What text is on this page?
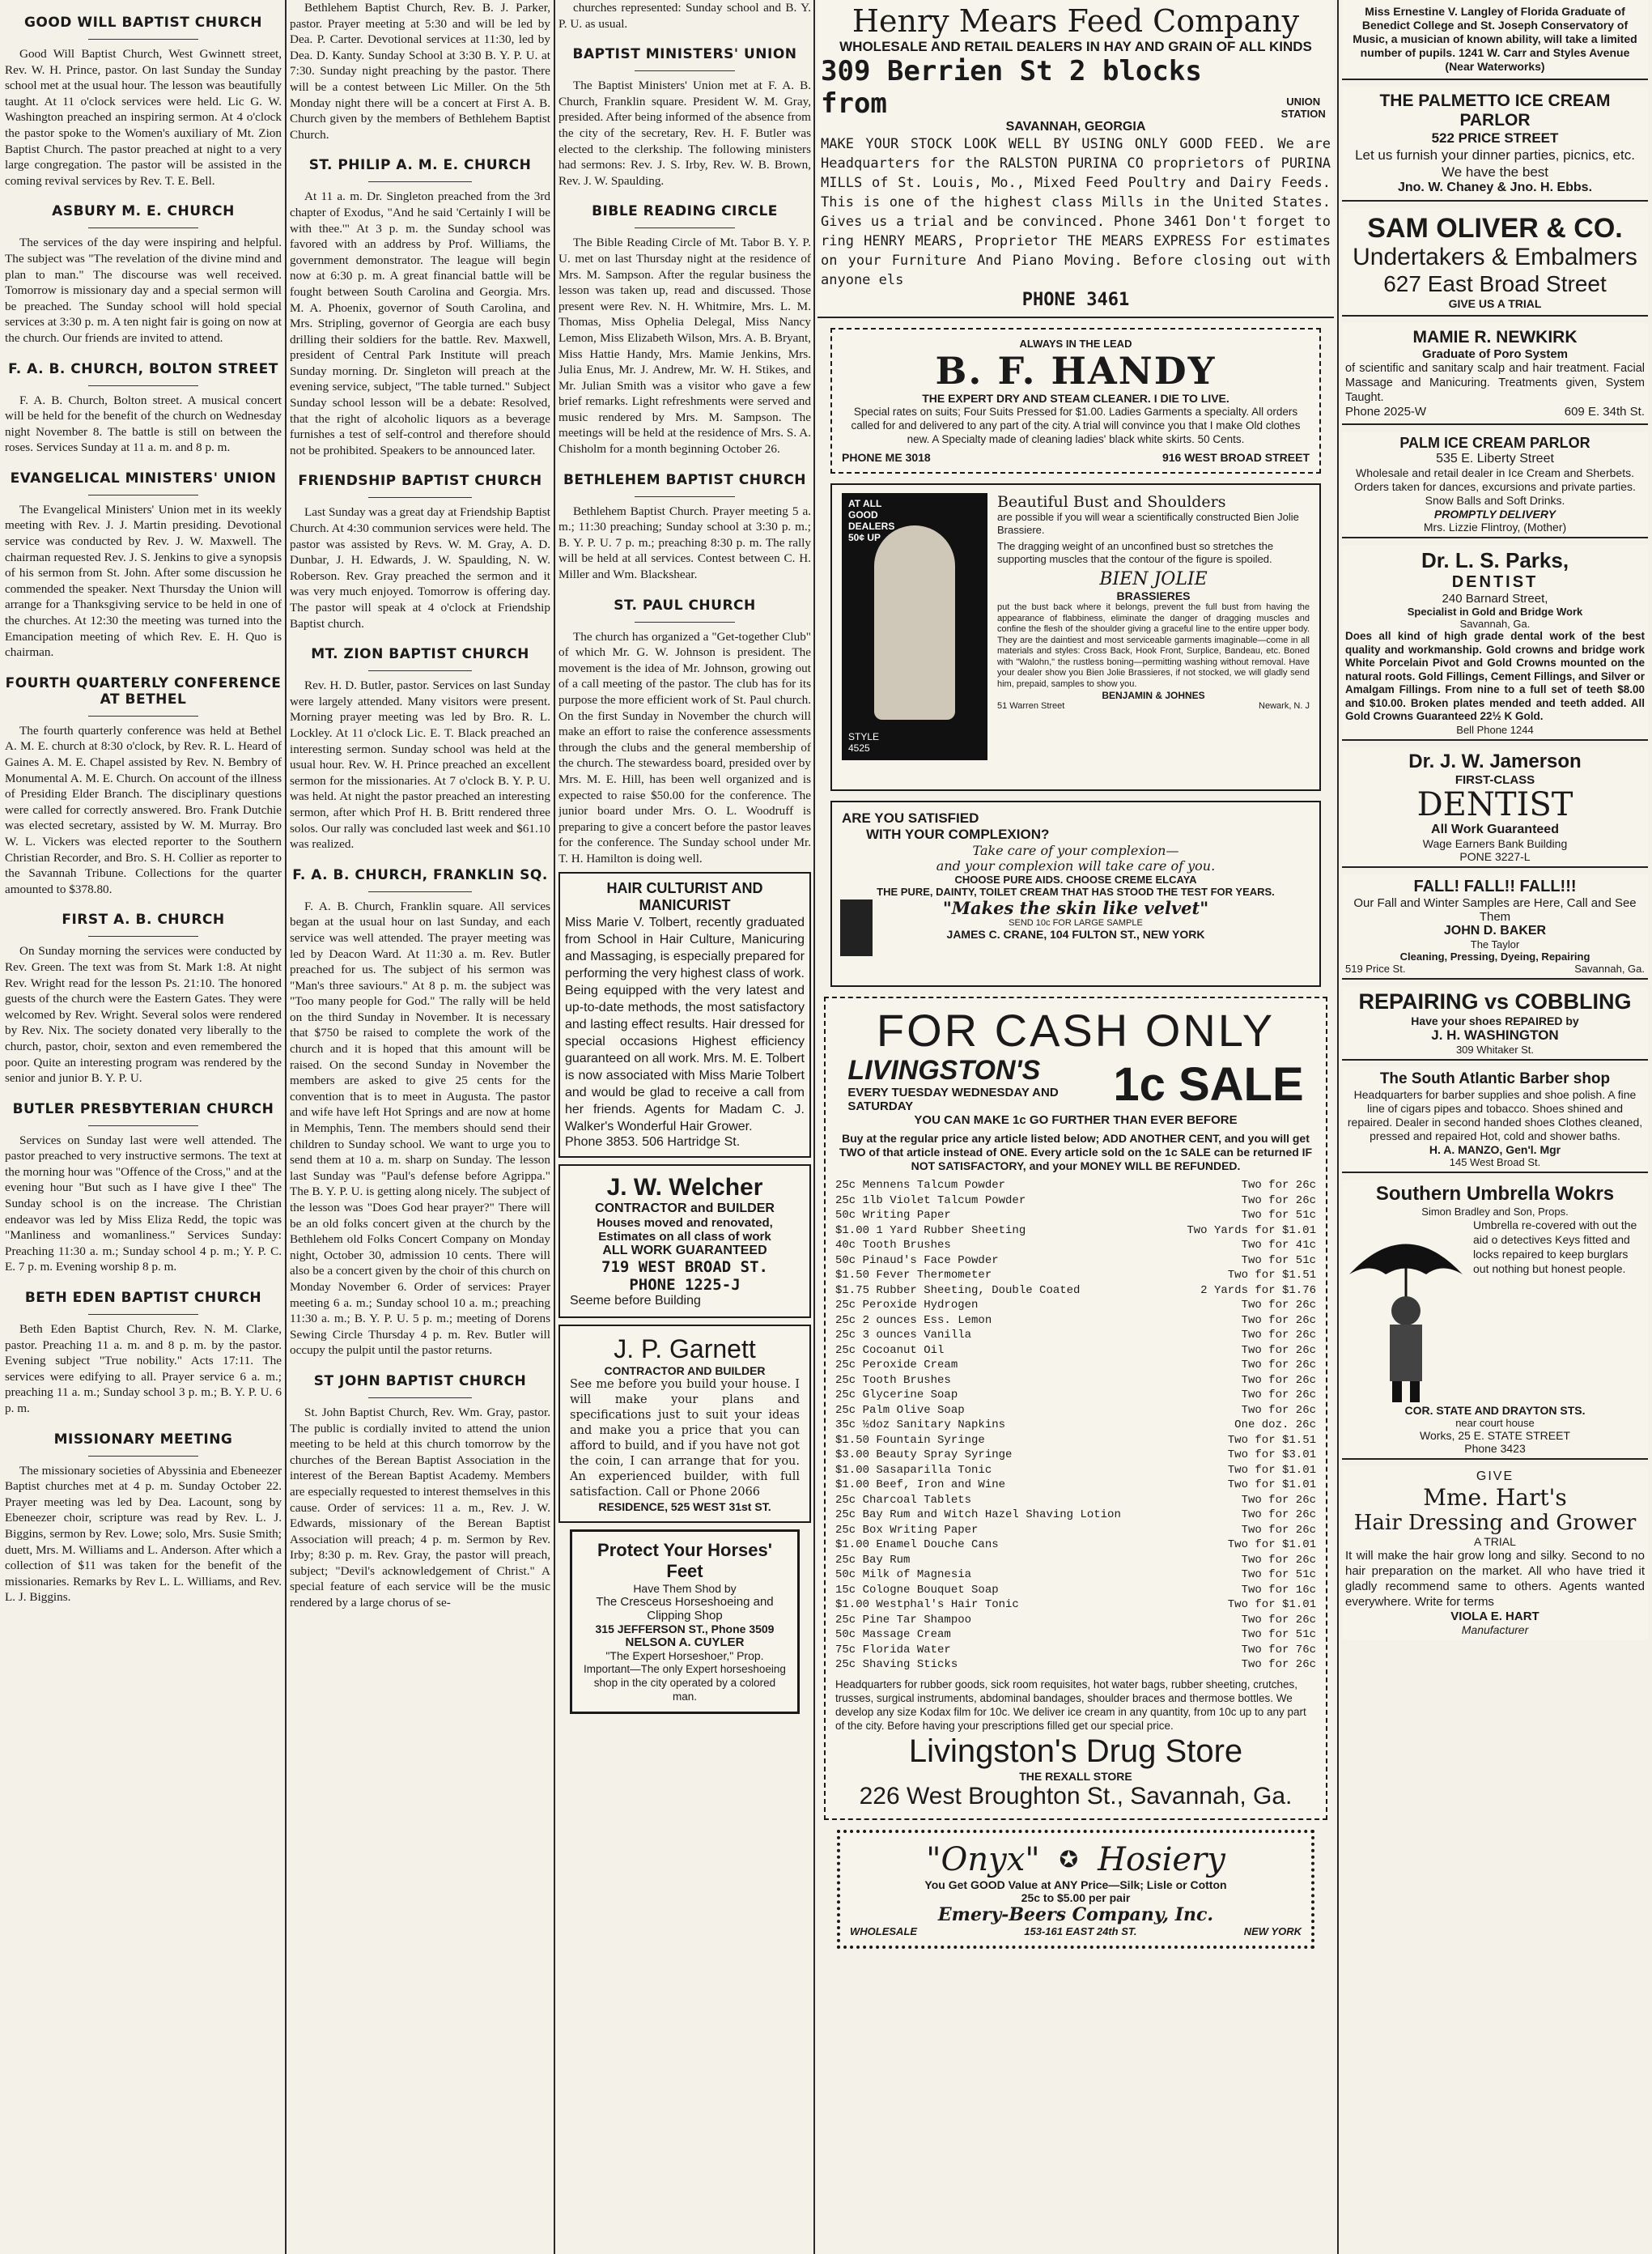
GOOD WILL BAPTIST CHURCH

Good Will Baptist Church, West Gwinnett street, Rev. W. H. Prince, pastor. On last Sunday the Sunday school met at the usual hour. The lesson was beautifully taught. At 11 o'clock services were held. Lic G. W. Washington preached an inspiring sermon. At 4 o'clock the pastor spoke to the Women's auxiliary of Mt. Zion Baptist Church. The pastor preached at night to a very large congregation. The pastor will be assisted in the coming revival services by Rev. T. E. Bell.

ASBURY M. E. CHURCH

The services of the day were inspiring and helpful. The subject was "The revelation of the divine mind and plan to man." The discourse was well received. Tomorrow is missionary day and a special sermon will be preached. The Sunday school will hold special services at 3:30 p. m. A ten night fair is going on now at the church. Our friends are invited to attend.

F. A. B. CHURCH, BOLTON STREET

F. A. B. Church, Bolton street. A musical concert will be held for the benefit of the church on Wednesday night November 8. The battle is still on between the roses. Services Sunday at 11 a. m. and 8 p. m.

EVANGELICAL MINISTERS' UNION

The Evangelical Ministers' Union met in its weekly meeting with Rev. J. J. Martin presiding. Devotional service was conducted by Rev. J. W. Maxwell. The chairman requested Rev. J. S. Jenkins to give a synopsis of his sermon from St. John. After some discussion he commended the speaker. Next Thursday the Union will arrange for a Thanksgiving service to be held in one of the churches. At 12:30 the meeting was turned into the Emancipation meeting of which Rev. E. H. Quo is chairman.

FOURTH QUARTERLY CONFERENCE AT BETHEL

The fourth quarterly conference was held at Bethel A. M. E. church at 8:30 o'clock, by Rev. R. L. Heard of Gaines A. M. E. Chapel assisted by Rev. N. Bembry of Monumental A. M. E. Church. On account of the illness of Presiding Elder Branch. The disciplinary questions were called for correctly answered. Bro. Frank Dutchie was elected secretary, assisted by W. M. Murray. Bro W. L. Vickers was elected reporter to the Southern Christian Recorder, and Bro. S. H. Collier as reporter to the Savannah Tribune. Collections for the quarter amounted to $378.80.

FIRST A. B. CHURCH

On Sunday morning the services were conducted by Rev. Green. The text was from St. Mark 1:8. At night Rev. Wright read for the lesson Ps. 21:10. The honored guests of the church were the Eastern Gates. They were welcomed by Rev. Wright. Several solos were rendered by Rev. Nix. The society donated very liberally to the church, pastor, choir, sexton and even remembered the poor. Quite an interesting program was rendered by the senior and junior B. Y. P. U.

BUTLER PRESBYTERIAN CHURCH

Services on Sunday last were well attended. The pastor preached to very instructive sermons. The text at the morning hour was "Offence of the Cross," and at the evening hour "But such as I have give I thee" The Sunday school is on the increase. The Christian endeavor was led by Miss Eliza Redd, the topic was "Manliness and womanliness." Services Sunday: Preaching 11:30 a. m.; Sunday school 4 p. m.; Y. P. C. E. 7 p. m. Evening worship 8 p. m.

BETH EDEN BAPTIST CHURCH

Beth Eden Baptist Church, Rev. N. M. Clarke, pastor. Preaching 11 a. m. and 8 p. m. by the pastor. Evening subject "True nobility." Acts 17:11. The services were edifying to all. Prayer service 6 a. m.; preaching 11 a. m.; Sunday school 3 p. m.; B. Y. P. U. 6 p. m.

MISSIONARY MEETING

The missionary societies of Abyssinia and Ebeneezer Baptist churches met at 4 p. m. Sunday October 22. Prayer meeting was led by Dea. Lacount, song by Ebeneezer choir, scripture was read by Rev. L. J. Biggins, sermon by Rev. Lowe; solo, Mrs. Susie Smith; duett, Mrs. M. Williams and L. Anderson. After which a collection of $11 was taken for the benefit of the missionaries. Remarks by Rev L. L. Williams, and Rev. L. J. Biggins.

Bethlehem Baptist Church, Rev. B. J. Parker, pastor. Prayer meeting at 5:30 and will be led by Dea. P. Carter. Devotional services at 11:30, led by Dea. D. Kanty. Sunday School at 3:30 B. Y. P. U. at 7:30. Sunday night preaching by the pastor. There will be a contest between Lic Miller. On the 5th Monday night there will be a concert at First A. B. Church given by the members of Bethlehem Baptist Church.

ST. PHILIP A. M. E. CHURCH

At 11 a. m. Dr. Singleton preached from the 3rd chapter of Exodus, "And he said 'Certainly I will be with thee.'" At 3 p. m. the Sunday school was favored with an address by Prof. Williams, the government demonstrator. The league will begin now at 6:30 p. m. A great financial battle will be fought between South Carolina and Georgia. Mrs. M. A. Phoenix, governor of South Carolina, and Mrs. Stripling, governor of Georgia are each busy drilling their soldiers for the battle. Rev. Maxwell, president of Central Park Institute will preach Sunday morning. Dr. Singleton will preach at the evening service, subject, "The table turned." Subject Sunday school lesson will be a debate: Resolved, that the right of alcoholic liquors as a beverage furnishes a test of self-control and therefore should not be prohibited. Speakers to be announced later.

FRIENDSHIP BAPTIST CHURCH

Last Sunday was a great day at Friendship Baptist Church. At 4:30 communion services were held. The pastor was assisted by Revs. W. M. Gray, A. D. Dunbar, J. H. Edwards, J. W. Spaulding, N. W. Roberson. Rev. Gray preached the sermon and it was very much enjoyed. Tomorrow is offering day. The pastor will speak at 4 o'clock at Friendship Baptist church.

MT. ZION BAPTIST CHURCH

Rev. H. D. Butler, pastor. Services on last Sunday were largely attended. Many visitors were present. Morning prayer meeting was led by Bro. R. L. Lockley. At 11 o'clock Lic. E. T. Black preached an interesting sermon. Sunday school was held at the usual hour. Rev. W. H. Prince preached an excellent sermon for the missionaries. At 7 o'clock B. Y. P. U. was held. At night the pastor preached an interesting sermon, after which Prof H. B. Britt rendered three solos. Our rally was concluded last week and $61.10 was realized.

F. A. B. CHURCH, FRANKLIN SQ.

F. A. B. Church, Franklin square. All services began at the usual hour on last Sunday, and each service was well attended. The prayer meeting was led by Deacon Ward. At 11:30 a. m. Rev. Butler preached for us. The subject of his sermon was "Man's three saviours." At 8 p. m. the subject was "Too many people for God." The rally will be held on the third Sunday in November. It is necessary that $750 be raised to complete the work of the church and it is hoped that this amount will be raised. On the second Sunday in November the members are asked to give 25 cents for the convention that is to meet in Augusta. The pastor and wife have left Hot Springs and are now at home in Memphis, Tenn. The members should send their children to Sunday school. We want to urge you to send them at 10 a. m. sharp on Sunday. The lesson last Sunday was "Paul's defense before Agrippa." The B. Y. P. U. is getting along nicely. The subject of the lesson was "Does God hear prayer?" There will be an old folks concert given at the church by the Bethlehem old Folks Concert Company on Monday night, October 30, admission 10 cents. There will also be a concert given by the choir of this church on Monday November 6. Order of services: Prayer meeting 6 a. m.; Sunday school 10 a. m.; preaching 11:30 a. m.; B. Y. P. U. 5 p. m.; meeting of Dorens Sewing Circle Thursday 4 p. m. Rev. Butler will occupy the pulpit until the pastor returns.

ST JOHN BAPTIST CHURCH

St. John Baptist Church, Rev. Wm. Gray, pastor. The public is cordially invited to attend the union meeting to be held at this church tomorrow by the churches of the Berean Baptist Association in the interest of the Berean Baptist Academy. Members are especially requested to interest themselves in this cause. Order of services: 11 a. m., Rev. J. W. Edwards, missionary of the Berean Baptist Association will preach; 4 p. m. Sermon by Rev. Irby; 8:30 p. m. Rev. Gray, the pastor will preach, subject; "Devil's acknowledgement of Christ." A special feature of each service will be the music rendered by a large chorus of se-

churches represented: Sunday school and B. Y. P. U. as usual.

BAPTIST MINISTERS' UNION

The Baptist Ministers' Union met at F. A. B. Church, Franklin square. President W. M. Gray, presided. After being informed of the absence from the city of the secretary, Rev. H. F. Butler was elected to the clerkship. The following ministers had sermons: Rev. J. S. Irby, Rev. W. B. Brown, Rev. J. W. Spaulding.

BIBLE READING CIRCLE

The Bible Reading Circle of Mt. Tabor B. Y. P. U. met on last Thursday night at the residence of Mrs. M. Sampson. After the regular business the lesson was taken up, read and discussed. Those present were Rev. N. H. Whitmire, Mrs. L. M. Thomas, Miss Ophelia Delegal, Miss Nancy Lemon, Miss Elizabeth Wilson, Mrs. A. B. Bryant, Miss Hattie Handy, Mrs. Mamie Jenkins, Mrs. Julia Enus, Mr. J. Andrew, Mr. W. H. Stikes, and Mr. Julian Smith was a visitor who gave a few brief remarks. Light refreshments were served and music rendered by Mrs. M. Sampson. The meetings will be held at the residence of Mrs. S. A. Chisholm for a month beginning October 26.

BETHLEHEM BAPTIST CHURCH

Bethlehem Baptist Church. Prayer meeting 5 a. m.; 11:30 preaching; Sunday school at 3:30 p. m.; B. Y. P. U. 7 p. m.; preaching 8:30 p. m. The rally will be held at all services. Contest between C. H. Miller and Wm. Blackshear.

ST. PAUL CHURCH

The church has organized a "Get-together Club" of which Mr. G. W. Johnson is president. The movement is the idea of Mr. Johnson, growing out of a call meeting of the pastor. The club has for its purpose the more efficient work of St. Paul church. On the first Sunday in November the church will make an effort to raise the conference assessments through the clubs and the general membership of the church. The stewardess board, presided over by Mrs. M. E. Hill, has been well organized and is expected to raise $50.00 for the conference. The junior board under Mrs. O. L. Woodruff is preparing to give a concert before the pastor leaves for the conference. The Sunday school under Mr. T. H. Hamilton is doing well.

HAIR CULTURIST AND MANICURIST

Miss Marie V. Tolbert, recently graduated from School in Hair Culture, Manicuring and Massaging, is especially prepared for performing the very highest class of work. Being equipped with the very latest and up-to-date methods, the most satisfactory and lasting effect results. Hair dressed for special occasions Highest efficiency guaranteed on all work. Mrs. M. E. Tolbert is now associated with Miss Marie Tolbert and would be glad to receive a call from her friends. Agents for Madam C. J. Walker's Wonderful Hair Grower.

Phone 3853. 506 Hartridge St.

J. W. Welcher

CONTRACTOR and BUILDER

Houses moved and renovated, Estimates on all class of work

ALL WORK GUARANTEED

719 WEST BROAD ST.

PHONE 1225-J

Seeme before Building

J. P. Garnett

CONTRACTOR AND BUILDER

See me before you build your house. I will make your plans and specifications just to suit your ideas and make you a price that you can afford to build, and if you have not got the coin, I can arrange that for you. An experienced builder, with full satisfaction. Call or Phone 2066

RESIDENCE, 525 WEST 31st ST.

Protect Your Horses' Feet

Have Them Shod by

The Cresceus Horseshoeing and Clipping Shop

315 JEFFERSON ST., Phone 3509

NELSON A. CUYLER

"The Expert Horseshoer," Prop.

Important—The only Expert horseshoeing shop in the city operated by a colored man.

Henry Mears Feed Company

WHOLESALE AND RETAIL DEALERS IN HAY AND GRAIN OF ALL KINDS

309 Berrien St 2 blocks from	UNION STATION

SAVANNAH, GEORGIA

MAKE YOUR STOCK LOOK WELL BY USING ONLY GOOD FEED. We are Headquarters for the RALSTON PURINA CO proprietors of PURINA MILLS of St. Louis, Mo., Mixed Feed Poultry and Dairy Feeds. This is one of the highest class Mills in the United States. Gives us a trial and be convinced. Phone 3461 Don't forget to ring HENRY MEARS, Proprietor THE MEARS EXPRESS For estimates on your Furniture And Piano Moving. Before closing out with anyone els

PHONE 3461

ALWAYS IN THE LEAD

B. F. HANDY

THE EXPERT DRY AND STEAM CLEANER. I DIE TO LIVE.

Special rates on suits; Four Suits Pressed for $1.00. Ladies Garments a specialty. All orders called for and delivered to any part of the city. A trial will convince you that I make Old clothes new. A Specialty made of cleaning ladies' black white skirts. 50 Cents.

PHONE ME 3018	916 WEST BROAD STREET
AT ALL GOOD DEALERS 50¢ UP
STYLE 4525

Beautiful Bust and Shoulders

are possible if you will wear a scientifically constructed Bien Jolie Brassiere.

The dragging weight of an unconfined bust so stretches the supporting muscles that the contour of the figure is spoiled.

BIEN JOLIE

BRASSIERES

put the bust back where it belongs, prevent the full bust from having the appearance of flabbiness, eliminate the danger of dragging muscles and confine the flesh of the shoulder giving a graceful line to the entire upper body. They are the daintiest and most serviceable garments imaginable—come in all materials and styles: Cross Back, Hook Front, Surplice, Bandeau, etc. Boned with "Walohn," the rustless boning—permitting washing without removal. Have your dealer show you Bien Jolie Brassieres, if not stocked, we will gladly send him, prepaid, samples to show you.

BENJAMIN & JOHNES

51 Warren Street	Newark, N. J

ARE YOU SATISFIED

WITH YOUR COMPLEXION?

Take care of your complexion—

and your complexion will take care of you.

CHOOSE PURE AIDS. CHOOSE CREME ELCAYA

THE PURE, DAINTY, TOILET CREAM THAT HAS STOOD THE TEST FOR YEARS.

"Makes the skin like velvet"

SEND 10c FOR LARGE SAMPLE

JAMES C. CRANE, 104 FULTON ST., NEW YORK

FOR CASH ONLY

LIVINGSTON'S

EVERY TUESDAY WEDNESDAY AND SATURDAY	1c SALE

YOU CAN MAKE 1c GO FURTHER THAN EVER BEFORE

Buy at the regular price any article listed below; ADD ANOTHER CENT, and you will get TWO of that article instead of ONE. Every article sold on the 1c SALE can be returned IF NOT SATISFACTORY, and your MONEY WILL BE REFUNDED.

25c Mennens Talcum Powder	Two for 26c
25c 1lb Violet Talcum Powder	Two for 26c
50c Writing Paper	Two for 51c
$1.00 1 Yard Rubber Sheeting	Two Yards for $1.01
40c Tooth Brushes	Two for 41c
50c Pinaud's Face Powder	Two for 51c
$1.50 Fever Thermometer	Two for $1.51
$1.75 Rubber Sheeting, Double Coated	2 Yards for $1.76
25c Peroxide Hydrogen	Two for 26c
25c 2 ounces Ess. Lemon	Two for 26c
25c 3 ounces Vanilla	Two for 26c
25c Cocoanut Oil	Two for 26c
25c Peroxide Cream	Two for 26c
25c Tooth Brushes	Two for 26c
25c Glycerine Soap	Two for 26c
25c Palm Olive Soap	Two for 26c
35c ½doz Sanitary Napkins	One doz. 26c
$1.50 Fountain Syringe	Two for $1.51
$3.00 Beauty Spray Syringe	Two for $3.01
$1.00 Sasaparilla Tonic	Two for $1.01
$1.00 Beef, Iron and Wine	Two for $1.01
25c Charcoal Tablets	Two for 26c
25c Bay Rum and Witch Hazel Shaving Lotion	Two for 26c
25c Box Writing Paper	Two for 26c
$1.00 Enamel Douche Cans	Two for $1.01
25c Bay Rum	Two for 26c
50c Milk of Magnesia	Two for 51c
15c Cologne Bouquet Soap	Two for 16c
$1.00 Westphal's Hair Tonic	Two for $1.01
25c Pine Tar Shampoo	Two for 26c
50c Massage Cream	Two for 51c
75c Florida Water	Two for 76c
25c Shaving Sticks	Two for 26c

Headquarters for rubber goods, sick room requisites, hot water bags, rubber sheeting, crutches, trusses, surgical instruments, abdominal bandages, shoulder braces and thermose bottles. We develop any size Kodax film for 10c. We deliver ice cream in any quantity, from 10c up to any part of the city. Before having your prescriptions filled get our special price.

Livingston's Drug Store

THE REXALL STORE

226 West Broughton St., Savannah, Ga.

"Onyx" ✪ Hosiery

You Get GOOD Value at ANY Price—Silk; Lisle or Cotton

25c to $5.00 per pair

Emery-Beers Company, Inc.

WHOLESALE	153-161 EAST 24th ST.	NEW YORK

Miss Ernestine V. Langley of Florida Graduate of Benedict College and St. Joseph Conservatory of Music, a musician of known ability, will take a limited number of pupils. 1241 W. Carr and Styles Avenue (Near Waterworks)

THE PALMETTO ICE CREAM PARLOR

522 PRICE STREET

Let us furnish your dinner parties, picnics, etc. We have the best

Jno. W. Chaney & Jno. H. Ebbs.

SAM OLIVER & CO.

Undertakers & Embalmers

627 East Broad Street

GIVE US A TRIAL

MAMIE R. NEWKIRK

Graduate of Poro System

of scientific and sanitary scalp and hair treatment. Facial Massage and Manicuring. Treatments given, System Taught.

Phone 2025-W	609 E. 34th St.

PALM ICE CREAM PARLOR

535 E. Liberty Street

Wholesale and retail dealer in Ice Cream and Sherbets. Orders taken for dances, excursions and private parties. Snow Balls and Soft Drinks.

PROMPTLY DELIVERY

Mrs. Lizzie Flintroy, (Mother)

Dr. L. S. Parks,

DENTIST

240 Barnard Street,

Specialist in Gold and Bridge Work

Savannah, Ga.

Does all kind of high grade dental work of the best quality and workmanship. Gold crowns and bridge work White Porcelain Pivot and Gold Crowns mounted on the natural roots. Gold Fillings, Cement Fillings, and Silver or Amalgam Fillings. From nine to a full set of teeth $8.00 and $10.00. Broken plates mended and teeth added. All Gold Crowns Guaranteed 22½ K Gold.

Bell Phone 1244

Dr. J. W. Jamerson

FIRST-CLASS

DENTIST

All Work Guaranteed

Wage Earners Bank Building

PONE 3227-L

FALL! FALL!! FALL!!!

Our Fall and Winter Samples are Here, Call and See Them

JOHN D. BAKER

The Taylor

Cleaning, Pressing, Dyeing, Repairing

519 Price St.	Savannah, Ga.

REPAIRING vs COBBLING

Have your shoes REPAIRED by

J. H. WASHINGTON

309 Whitaker St.

The South Atlantic Barber shop

Headquarters for barber supplies and shoe polish. A fine line of cigars pipes and tobacco. Shoes shined and repaired. Dealer in second handed shoes Clothes cleaned, pressed and repaired Hot, cold and shower baths.

H. A. MANZO, Gen'l. Mgr

145 West Broad St.

Southern Umbrella Wokrs

Simon Bradley and Son, Props.

Umbrella re-covered with out the aid o detectives Keys fitted and locks repaired to keep burglars out nothing but honest people.

COR. STATE AND DRAYTON STS.

near court house

Works, 25 E. STATE STREET

Phone 3423

GIVE

Mme. Hart's

Hair Dressing and Grower

A TRIAL

It will make the hair grow long and silky. Second to no hair preparation on the market. All who have tried it gladly recommend same to others. Agents wanted everywhere. Write for terms

VIOLA E. HART

Manufacturer
